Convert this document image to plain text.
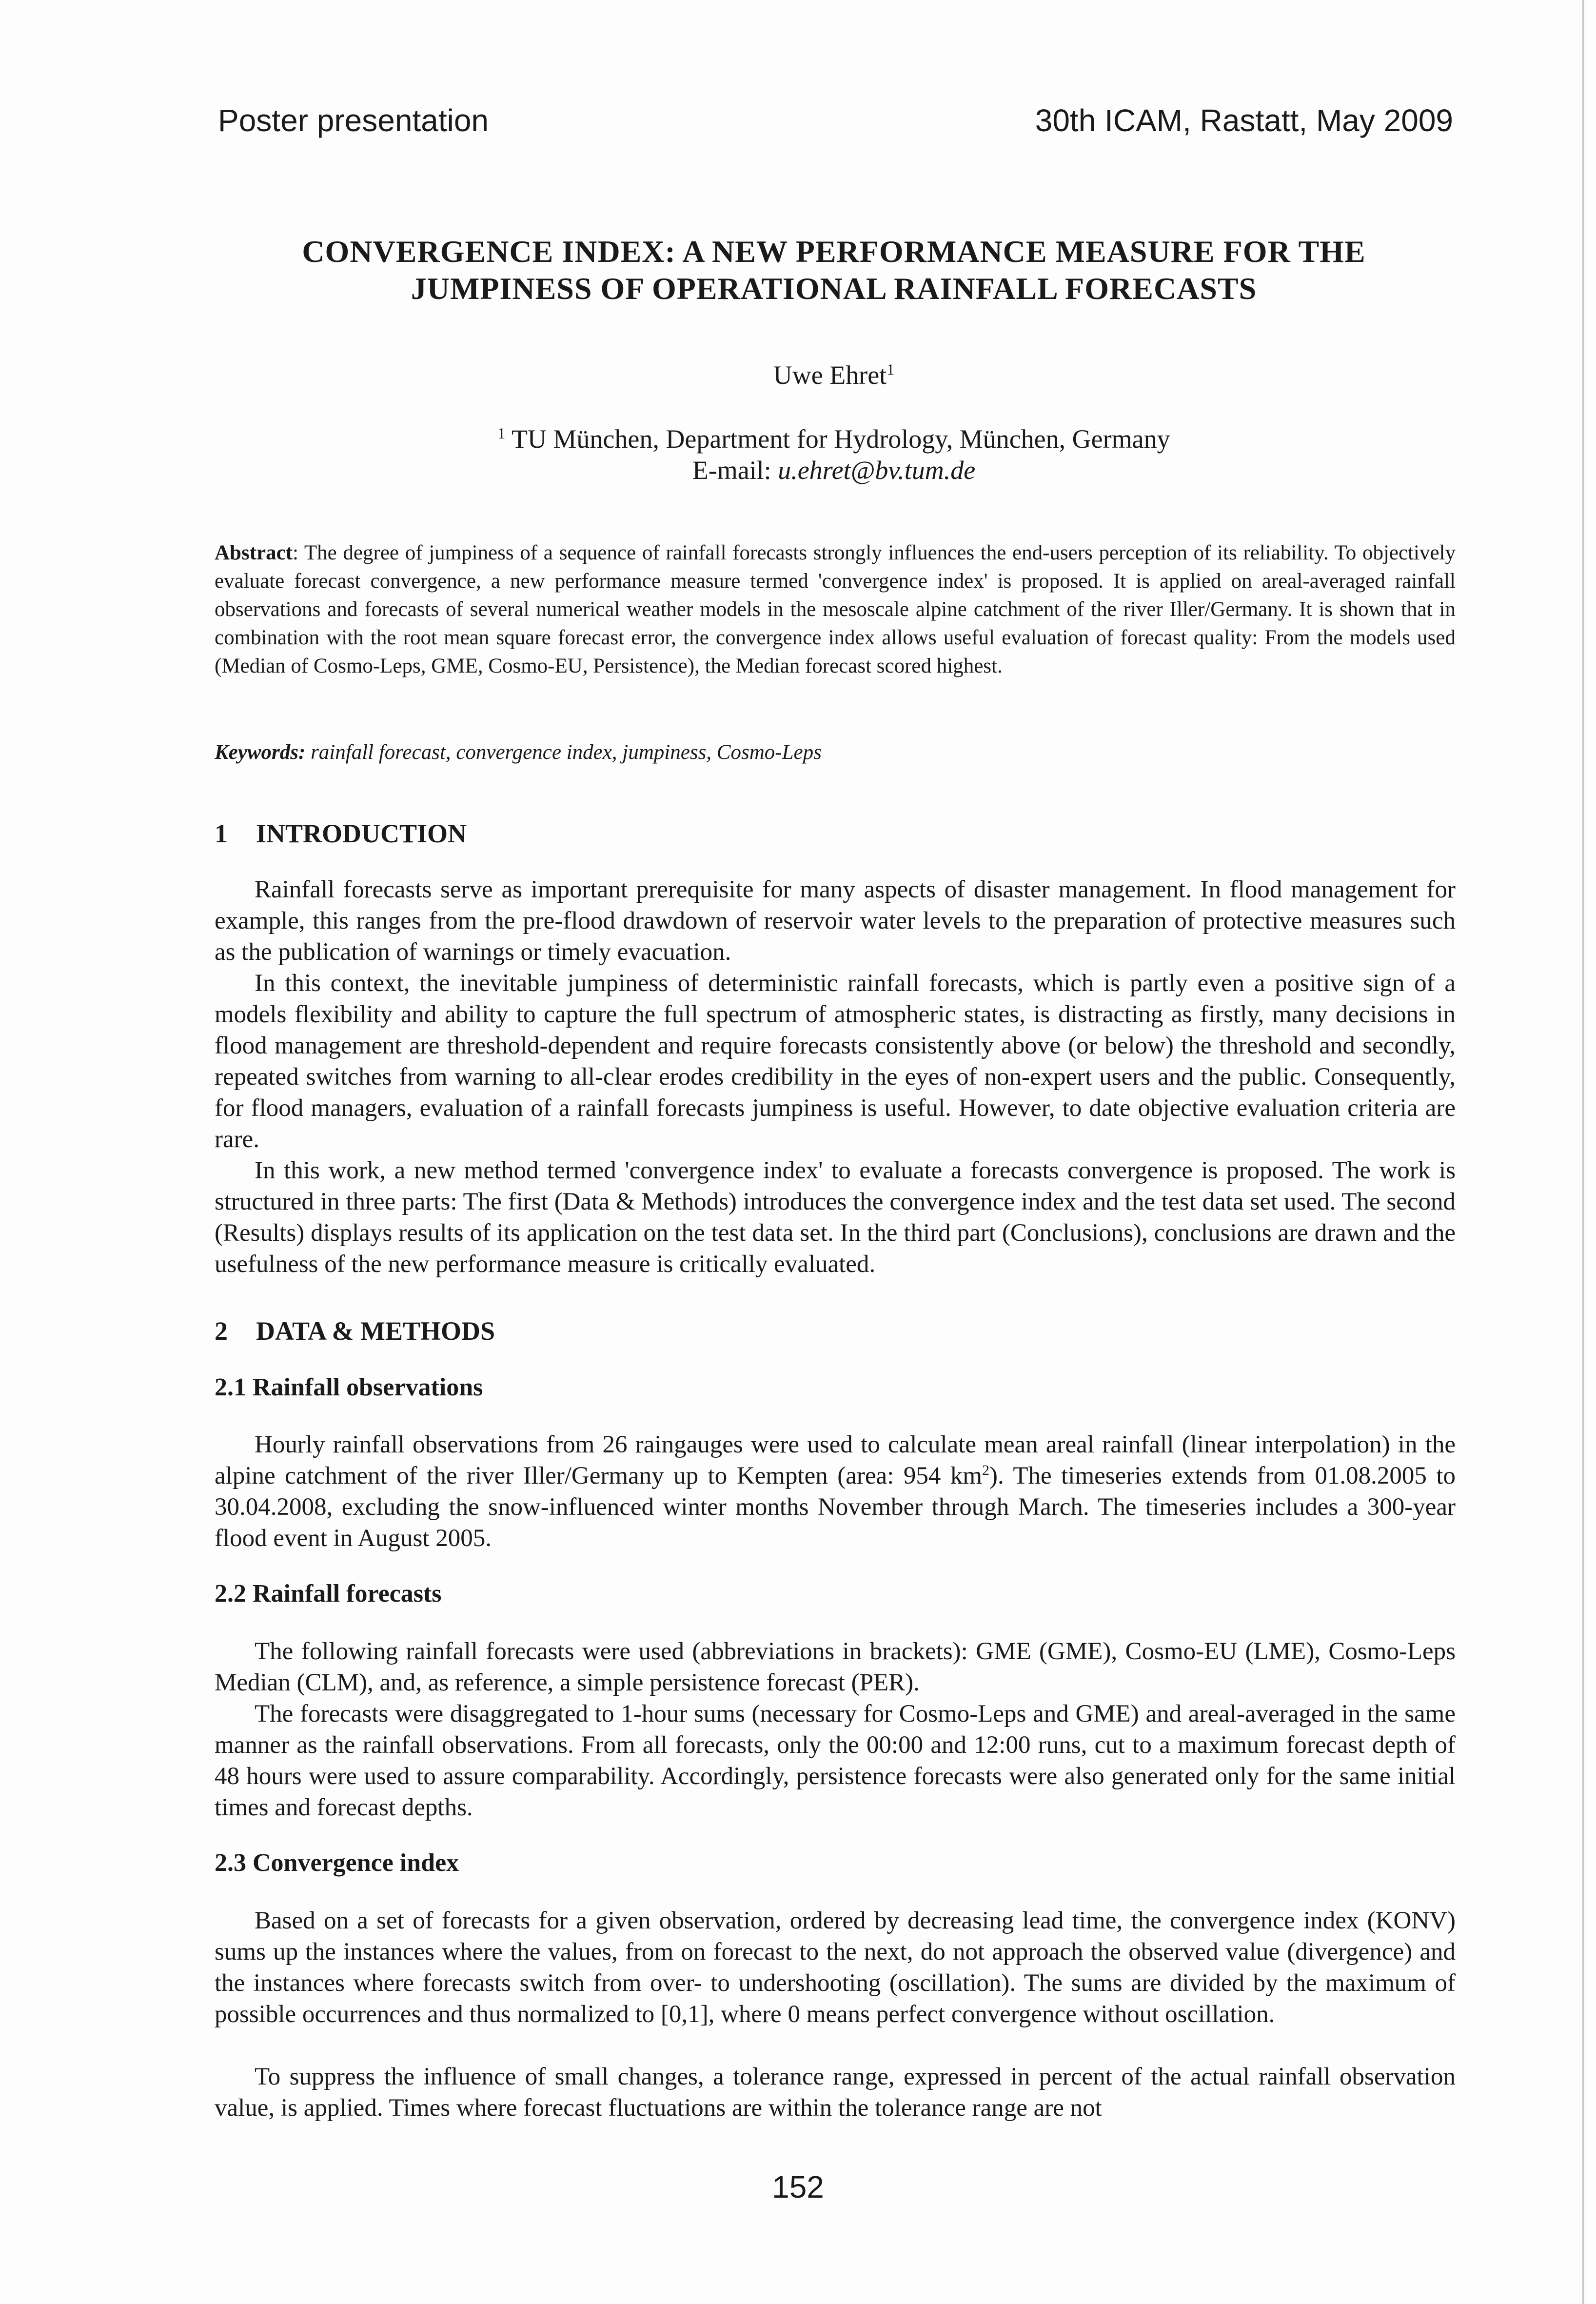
Poster presentation	30th ICAM, Rastatt, May 2009
CONVERGENCE INDEX: A NEW PERFORMANCE MEASURE FOR THE
JUMPINESS OF OPERATIONAL RAINFALL FORECASTS
Uwe Ehret$^1$
$^1$ TU München, Department for Hydrology, München, Germany
E-mail: u.ehret@bv.tum.de
Abstract: The degree of jumpiness of a sequence of rainfall forecasts strongly influences the end-users perception of its reliability. To objectively evaluate forecast convergence, a new performance measure termed 'convergence index' is proposed. It is applied on areal-averaged rainfall observations and forecasts of several numerical weather models in the mesoscale alpine catchment of the river Iller/Germany. It is shown that in combination with the root mean square forecast error, the convergence index allows useful evaluation of forecast quality: From the models used (Median of Cosmo-Leps, GME, Cosmo-EU, Persistence), the Median forecast scored highest.
Keywords: rainfall forecast, convergence index, jumpiness, Cosmo-Leps
1 INTRODUCTION

Rainfall forecasts serve as important prerequisite for many aspects of disaster management. In flood management for example, this ranges from the pre-flood drawdown of reservoir water levels to the preparation of protective measures such as the publication of warnings or timely evacuation.

In this context, the inevitable jumpiness of deterministic rainfall forecasts, which is partly even a positive sign of a models flexibility and ability to capture the full spectrum of atmospheric states, is distracting as firstly, many decisions in flood management are threshold-dependent and require forecasts consistently above (or below) the threshold and secondly, repeated switches from warning to all-clear erodes credibility in the eyes of non-expert users and the public. Consequently, for flood managers, evaluation of a rainfall forecasts jumpiness is useful. However, to date objective evaluation criteria are rare.

In this work, a new method termed 'convergence index' to evaluate a forecasts convergence is proposed. The work is structured in three parts: The first (Data & Methods) introduces the convergence index and the test data set used. The second (Results) displays results of its application on the test data set. In the third part (Conclusions), conclusions are drawn and the usefulness of the new performance measure is critically evaluated.

2 DATA & METHODS
2.1 Rainfall observations

Hourly rainfall observations from 26 raingauges were used to calculate mean areal rainfall (linear interpolation) in the alpine catchment of the river Iller/Germany up to Kempten (area: 954 $km^2$). The timeseries extends from 01.08.2005 to 30.04.2008, excluding the snow-influenced winter months November through March. The timeseries includes a 300-year flood event in August 2005.

2.2 Rainfall forecasts

The following rainfall forecasts were used (abbreviations in brackets): GME (GME), Cosmo-EU (LME), Cosmo-Leps Median (CLM), and, as reference, a simple persistence forecast (PER).

The forecasts were disaggregated to 1-hour sums (necessary for Cosmo-Leps and GME) and areal-averaged in the same manner as the rainfall observations. From all forecasts, only the 00:00 and 12:00 runs, cut to a maximum forecast depth of 48 hours were used to assure comparability. Accordingly, persistence forecasts were also generated only for the same initial times and forecast depths.

2.3 Convergence index

Based on a set of forecasts for a given observation, ordered by decreasing lead time, the convergence index (KONV) sums up the instances where the values, from on forecast to the next, do not approach the observed value (divergence) and the instances where forecasts switch from over- to undershooting (oscillation). The sums are divided by the maximum of possible occurrences and thus normalized to [0,1], where 0 means perfect convergence without oscillation.

To suppress the influence of small changes, a tolerance range, expressed in percent of the actual rainfall observation value, is applied. Times where forecast fluctuations are within the tolerance range are not

152
